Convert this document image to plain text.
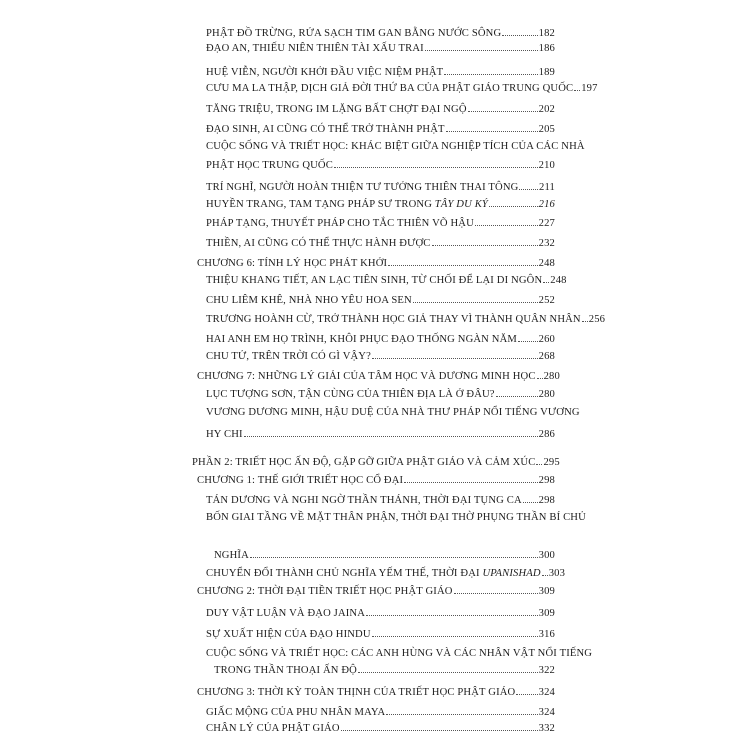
PHẬT ĐỒ TRỪNG, RỬA SẠCH TIM GAN BẰNG NƯỚC SÔNG	182
ĐẠO AN, THIẾU NIÊN THIÊN TÀI XẤU TRAI	186
HUỆ VIỄN, NGƯỜI KHỞI ĐẦU VIỆC NIỆM PHẬT	189
CƯU MA LA THẬP, DỊCH GIẢ ĐỜI THỨ BA CỦA PHẬT GIÁO TRUNG QUỐC 197
TĂNG TRIỆU, TRONG IM LẶNG BẤT CHỢT ĐẠI NGỘ	202
ĐẠO SINH, AI CŨNG CÓ THỂ TRỞ THÀNH PHẬT	205
CUỘC SỐNG VÀ TRIẾT HỌC: KHÁC BIỆT GIỮA NGHIỆP TÍCH CỦA CÁC NHÀ
PHẬT HỌC TRUNG QUỐC	210
TRÍ NGHĨ, NGƯỜI HOÀN THIỆN TƯ TƯỞNG THIÊN THAI TÔNG 211
HUYỀN TRANG, TAM TẠNG PHÁP SƯ TRONG TÂY DU KÝ	216
PHÁP TẠNG, THUYẾT PHÁP CHO TẮC THIÊN VÕ HẬU	227
THIỀN, AI CŨNG CÓ THỂ THỰC HÀNH ĐƯỢC	232
CHƯƠNG 6: TÍNH LÝ HỌC PHÁT KHỞI	248
THIỆU KHANG TIẾT, AN LẠC TIÊN SINH, TỪ CHỐI ĐỂ LẠI DI NGÔN 248
CHU LIÊM KHÊ, NHÀ NHO YÊU HOA SEN	252
TRƯƠNG HOÀNH CỪ, TRỞ THÀNH HỌC GIẢ THAY VÌ THÀNH QUÂN NHÂN 256
HAI ANH EM HỌ TRÌNH, KHÔI PHỤC ĐẠO THỐNG NGÀN NĂM 260
CHU TỬ, TRÊN TRỜI CÓ GÌ VẬY?	268
CHƯƠNG 7: NHỮNG LÝ GIẢI CỦA TÂM HỌC VÀ DƯƠNG MINH HỌC 280
LỤC TƯỢNG SƠN, TẬN CÙNG CỦA THIÊN ĐỊA LÀ Ở ĐÂU?	280
VƯƠNG DƯƠNG MINH, HẬU DUỆ CỦA NHÀ THƯ PHÁP NỔI TIẾNG VƯƠNG
HY CHI	286
PHẦN 2: TRIẾT HỌC ẤN ĐỘ, GẶP GỠ GIỮA PHẬT GIÁO VÀ CẢM XÚC 295
CHƯƠNG 1: THẾ GIỚI TRIẾT HỌC CỔ ĐẠI	298
TÁN DƯƠNG VÀ NGHI NGỜ THẦN THÁNH, THỜI ĐẠI TỤNG CA 298
BỐN GIAI TẦNG VỀ MẶT THÂN PHẬN, THỜI ĐẠI THỜ PHỤNG THẦN BÍ CHỦ
NGHĨA	300
CHUYỂN ĐỔI THÀNH CHỦ NGHĨA YẾM THẾ, THỜI ĐẠI UPANISHAD 303
CHƯƠNG 2: THỜI ĐẠI TIỀN TRIẾT HỌC PHẬT GIÁO	309
DUY VẬT LUẬN VÀ ĐẠO JAINA	309
SỰ XUẤT HIỆN CỦA ĐẠO HINDU	316
CUỘC SỐNG VÀ TRIẾT HỌC: CÁC ANH HÙNG VÀ CÁC NHÂN VẬT NỔI TIẾNG
TRONG THẦN THOẠI ẤN ĐỘ	322
CHƯƠNG 3: THỜI KỲ TOÀN THỊNH CỦA TRIẾT HỌC PHẬT GIÁO 324
GIẤC MỘNG CỦA PHU NHÂN MAYA	324
CHÂN LÝ CỦA PHẬT GIÁO	332
